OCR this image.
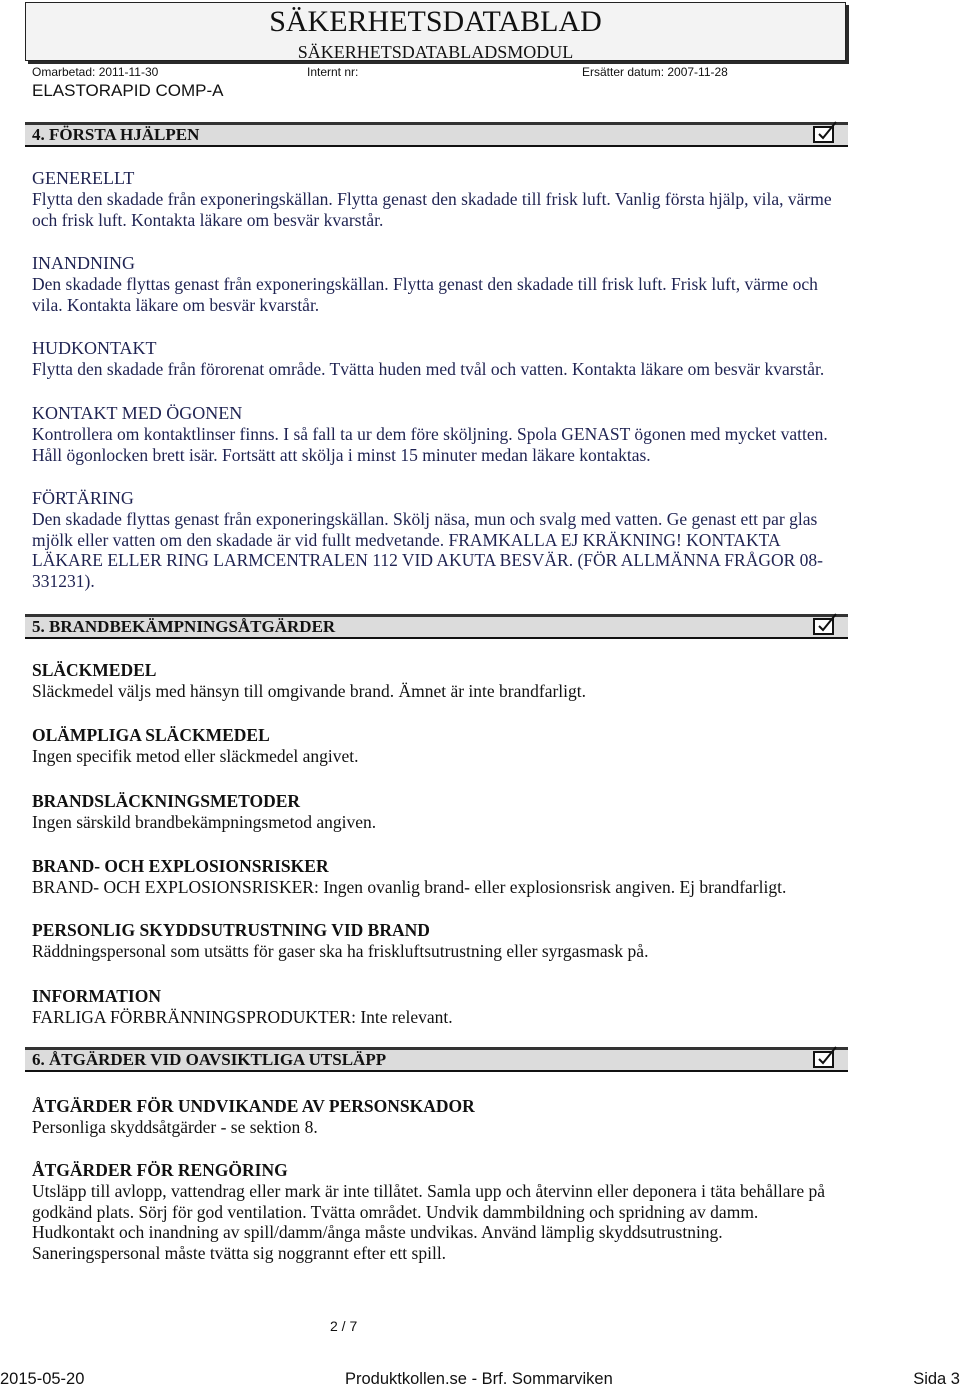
SÄKERHETSDATABLAD
SÄKERHETSDATABLADSMODUL
Omarbetad: 2011-11-30	Internt nr:	Ersätter datum: 2007-11-28
ELASTORAPID COMP-A
4. FÖRSTA HJÄLPEN
GENERELLT
Flytta den skadade från exponeringskällan. Flytta genast den skadade till frisk luft. Vanlig första hjälp, vila, värme
och frisk luft. Kontakta läkare om besvär kvarstår.
INANDNING
Den skadade flyttas genast från exponeringskällan. Flytta genast den skadade till frisk luft. Frisk luft, värme och
vila. Kontakta läkare om besvär kvarstår.
HUDKONTAKT
Flytta den skadade från förorenat område. Tvätta huden med tvål och vatten. Kontakta läkare om besvär kvarstår.
KONTAKT MED ÖGONEN
Kontrollera om kontaktlinser finns. I så fall ta ur dem före sköljning. Spola GENAST ögonen med mycket vatten.
Håll ögonlocken brett isär. Fortsätt att skölja i minst 15 minuter medan läkare kontaktas.
FÖRTÄRING
Den skadade flyttas genast från exponeringskällan. Skölj näsa, mun och svalg med vatten. Ge genast ett par glas
mjölk eller vatten om den skadade är vid fullt medvetande. FRAMKALLA EJ KRÄKNING! KONTAKTA
LÄKARE ELLER RING LARMCENTRALEN 112 VID AKUTA BESVÄR. (FÖR ALLMÄNNA FRÅGOR 08-
331231).
5. BRANDBEKÄMPNINGSÅTGÄRDER
SLÄCKMEDEL
Släckmedel väljs med hänsyn till omgivande brand. Ämnet är inte brandfarligt.
OLÄMPLIGA SLÄCKMEDEL
Ingen specifik metod eller släckmedel angivet.
BRANDSLÄCKNINGSMETODER
Ingen särskild brandbekämpningsmetod angiven.
BRAND- OCH EXPLOSIONSRISKER
BRAND- OCH EXPLOSIONSRISKER: Ingen ovanlig brand- eller explosionsrisk angiven. Ej brandfarligt.
PERSONLIG SKYDDSUTRUSTNING VID BRAND
Räddningspersonal som utsätts för gaser ska ha friskluftsutrustning eller syrgasmask på.
INFORMATION
FARLIGA FÖRBRÄNNINGSPRODUKTER: Inte relevant.
6. ÅTGÄRDER VID OAVSIKTLIGA UTSLÄPP
ÅTGÄRDER FÖR UNDVIKANDE AV PERSONSKADOR
Personliga skyddsåtgärder - se sektion 8.
ÅTGÄRDER FÖR RENGÖRING
Utsläpp till avlopp, vattendrag eller mark är inte tillåtet. Samla upp och återvinn eller deponera i täta behållare på
godkänd plats. Sörj för god ventilation. Tvätta området. Undvik dammbildning och spridning av damm.
Hudkontakt och inandning av spill/damm/ånga måste undvikas. Använd lämplig skyddsutrustning.
Saneringspersonal måste tvätta sig noggrannt efter ett spill.
2 / 7
2015-05-20	Produktkollen.se - Brf. Sommarviken	Sida 3
